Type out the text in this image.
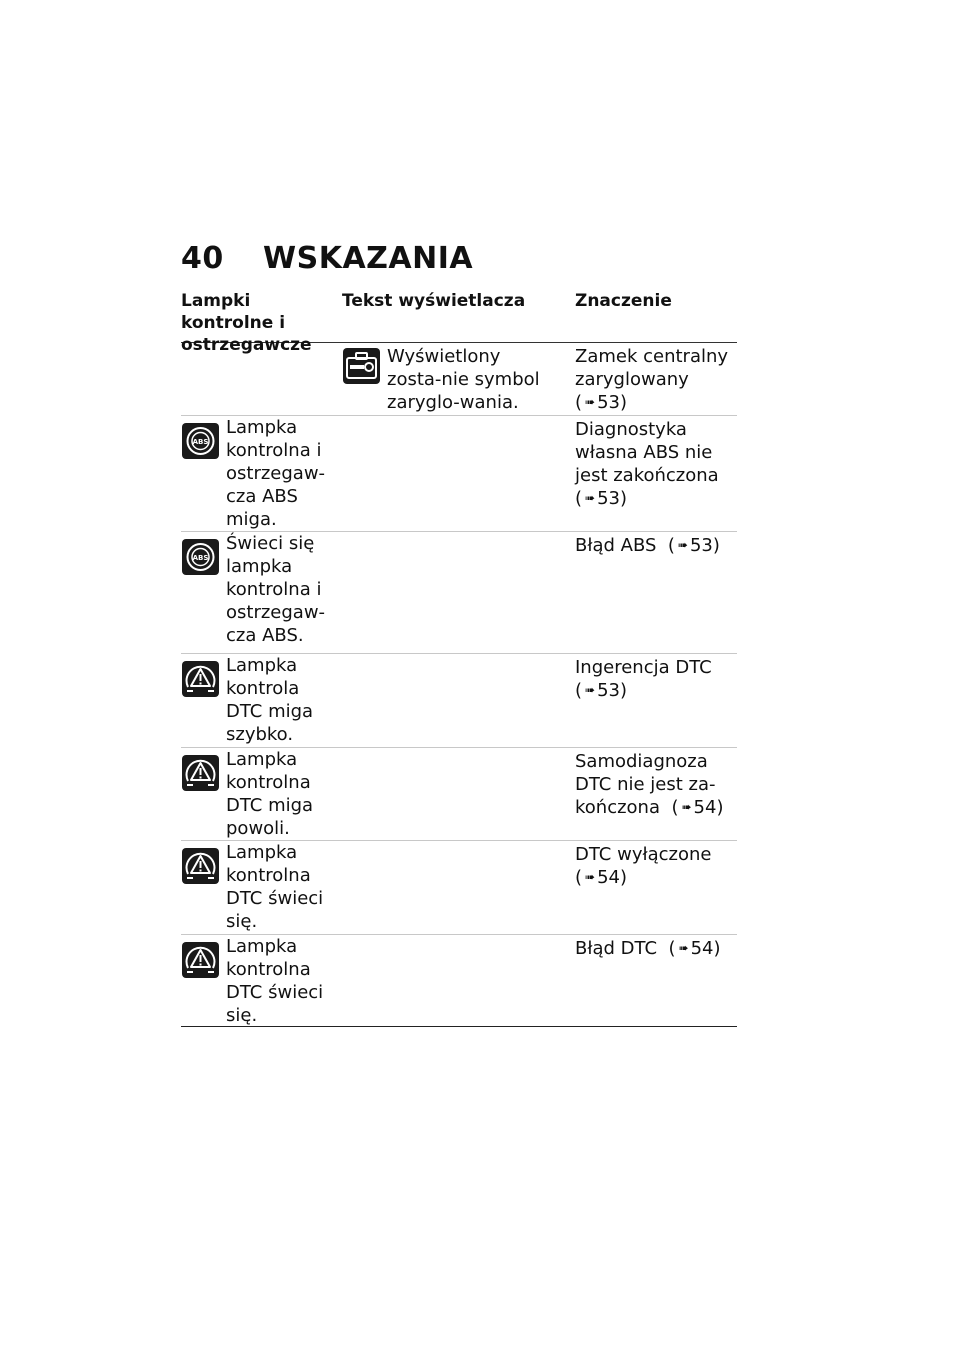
40 WSKAZANIA
Lampki kontrolne i ostrzegawcze
Tekst wyświetlacza	Znaczenie
Wyświetlony zosta-nie symbol zaryglo-wania.
Zamek centralny zaryglowany
( ➠ 53)
ABS
Lampka kontrolna i ostrzegaw-cza ABS miga.
Diagnostyka własna ABS nie jest zakończona
( ➠ 53)
ABS
Świeci się lampka kontrolna i ostrzegaw-cza ABS.
Błąd ABS  ( ➠ 53)
Lampka kontrola DTC miga szybko.
Ingerencja DTC
( ➠ 53)
Lampka kontrolna DTC miga powoli.
Samodiagnoza DTC nie jest za-kończona  ( ➠ 54)
Lampka kontrolna DTC świeci się.
DTC wyłączone
( ➠ 54)
Lampka kontrolna DTC świeci się.
Błąd DTC  ( ➠ 54)
